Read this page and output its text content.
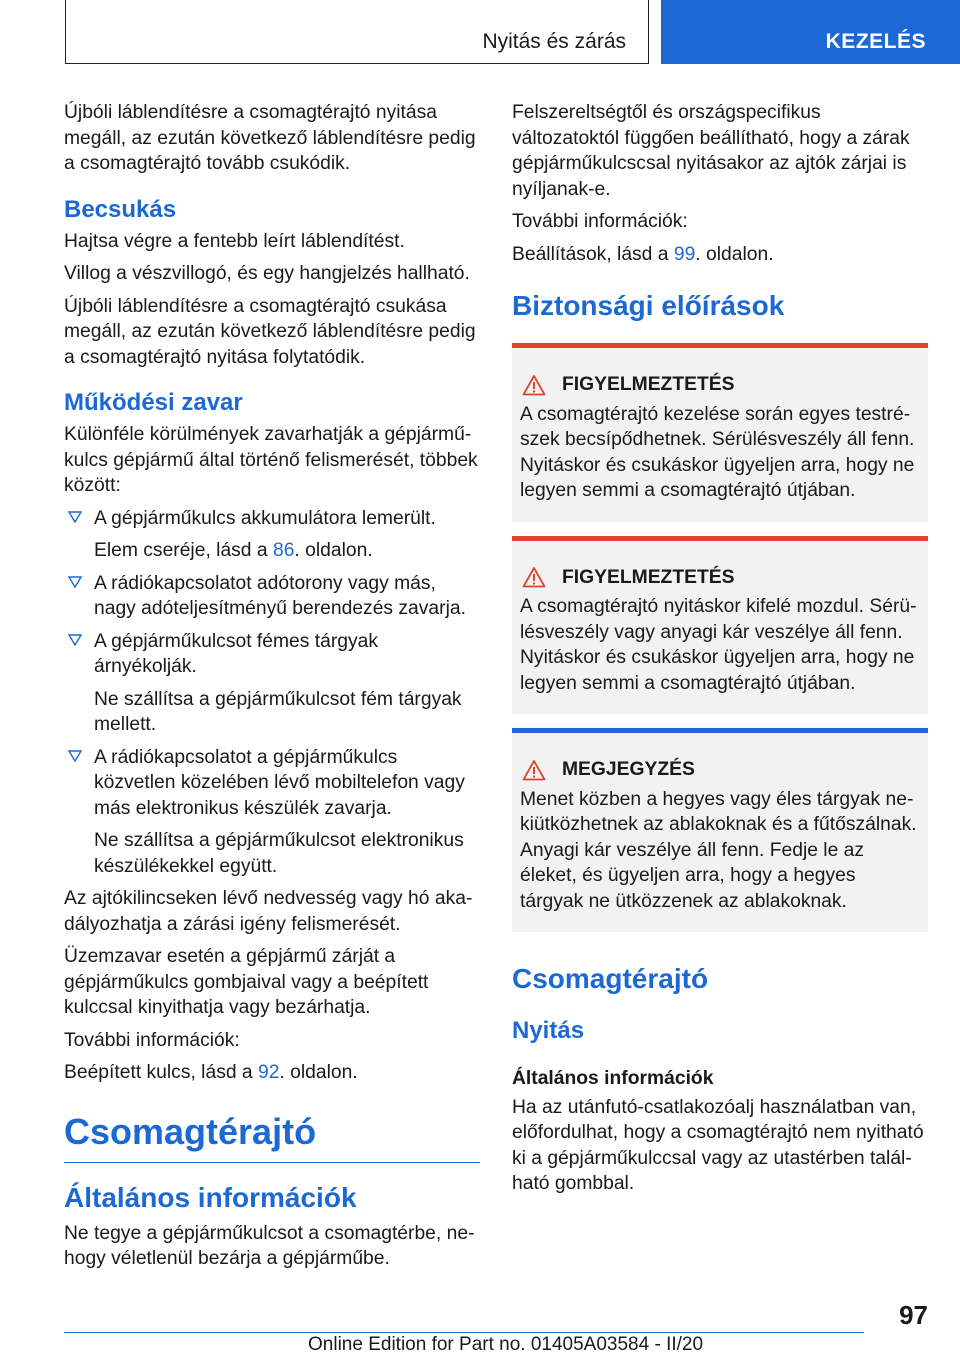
Nyitás és zárás	KEZELÉS

Újbóli láblendítésre a csomagtérajtó nyitása megáll, az ezután következő láblendítésre pedig a csomagtérajtó tovább csukódik.

Becsukás

Hajtsa végre a fentebb leírt láblendítést.

Villog a vészvillogó, és egy hangjelzés hallható.

Újbóli láblendítésre a csomagtérajtó csukása megáll, az ezután következő láblendítésre pedig a csomagtérajtó nyitása folytatódik.

Működési zavar

Különféle körülmények zavarhatják a gépjárműkulcs gépjármű által történő felismerését, többek között:

A gépjárműkulcs akkumulátora lemerült.
Elem cseréje, lásd a 86. oldalon.
A rádiókapcsolatot adótorony vagy más, nagy adóteljesítményű berendezés zavarja.
A gépjárműkulcsot fémes tárgyak árnyékolják.
Ne szállítsa a gépjárműkulcsot fém tárgyak mellett.
A rádiókapcsolatot a gépjárműkulcs közvetlen közelében lévő mobiltelefon vagy más elektronikus készülék zavarja.
Ne szállítsa a gépjárműkulcsot elektronikus készülékekkel együtt.

Az ajtókilincseken lévő nedvesség vagy hó akadályozhatja a zárási igény felismerését.

Üzemzavar esetén a gépjármű zárját a gépjárműkulcs gombjaival vagy a beépített kulccsal kinyithatja vagy bezárhatja.

További információk:

Beépített kulcs, lásd a 92. oldalon.

Csomagtérajtó
Általános információk

Ne tegye a gépjárműkulcsot a csomagtérbe, nehogy véletlenül bezárja a gépjárműbe.

Felszereltségtől és országspecifikus változatoktól függően beállítható, hogy a zárak gépjárműkulcscsal nyitásakor az ajtók zárjai is nyíljanak-e.

További információk:

Beállítások, lásd a 99. oldalon.

Biztonsági előírások
FIGYELMEZTETÉS
A csomagtérajtó kezelése során egyes testrészek becsípődhetnek. Sérülésveszély áll fenn. Nyitáskor és csukáskor ügyeljen arra, hogy ne legyen semmi a csomagtérajtó útjában.
FIGYELMEZTETÉS
A csomagtérajtó nyitáskor kifelé mozdul. Sérülésveszély vagy anyagi kár veszélye áll fenn. Nyitáskor és csukáskor ügyeljen arra, hogy ne legyen semmi a csomagtérajtó útjában.
MEGJEGYZÉS
Menet közben a hegyes vagy éles tárgyak nekiütközhetnek az ablakoknak és a fűtőszálnak. Anyagi kár veszélye áll fenn. Fedje le az éleket, és ügyeljen arra, hogy a hegyes tárgyak ne ütközzenek az ablakoknak.
Csomagtérajtó
Nyitás
Általános információk

Ha az utánfutó-csatlakozóalj használatban van, előfordulhat, hogy a csomagtérajtó nem nyitható ki a gépjárműkulccsal vagy az utastérben található gombbal.

97
Online Edition for Part no. 01405A03584 - II/20
